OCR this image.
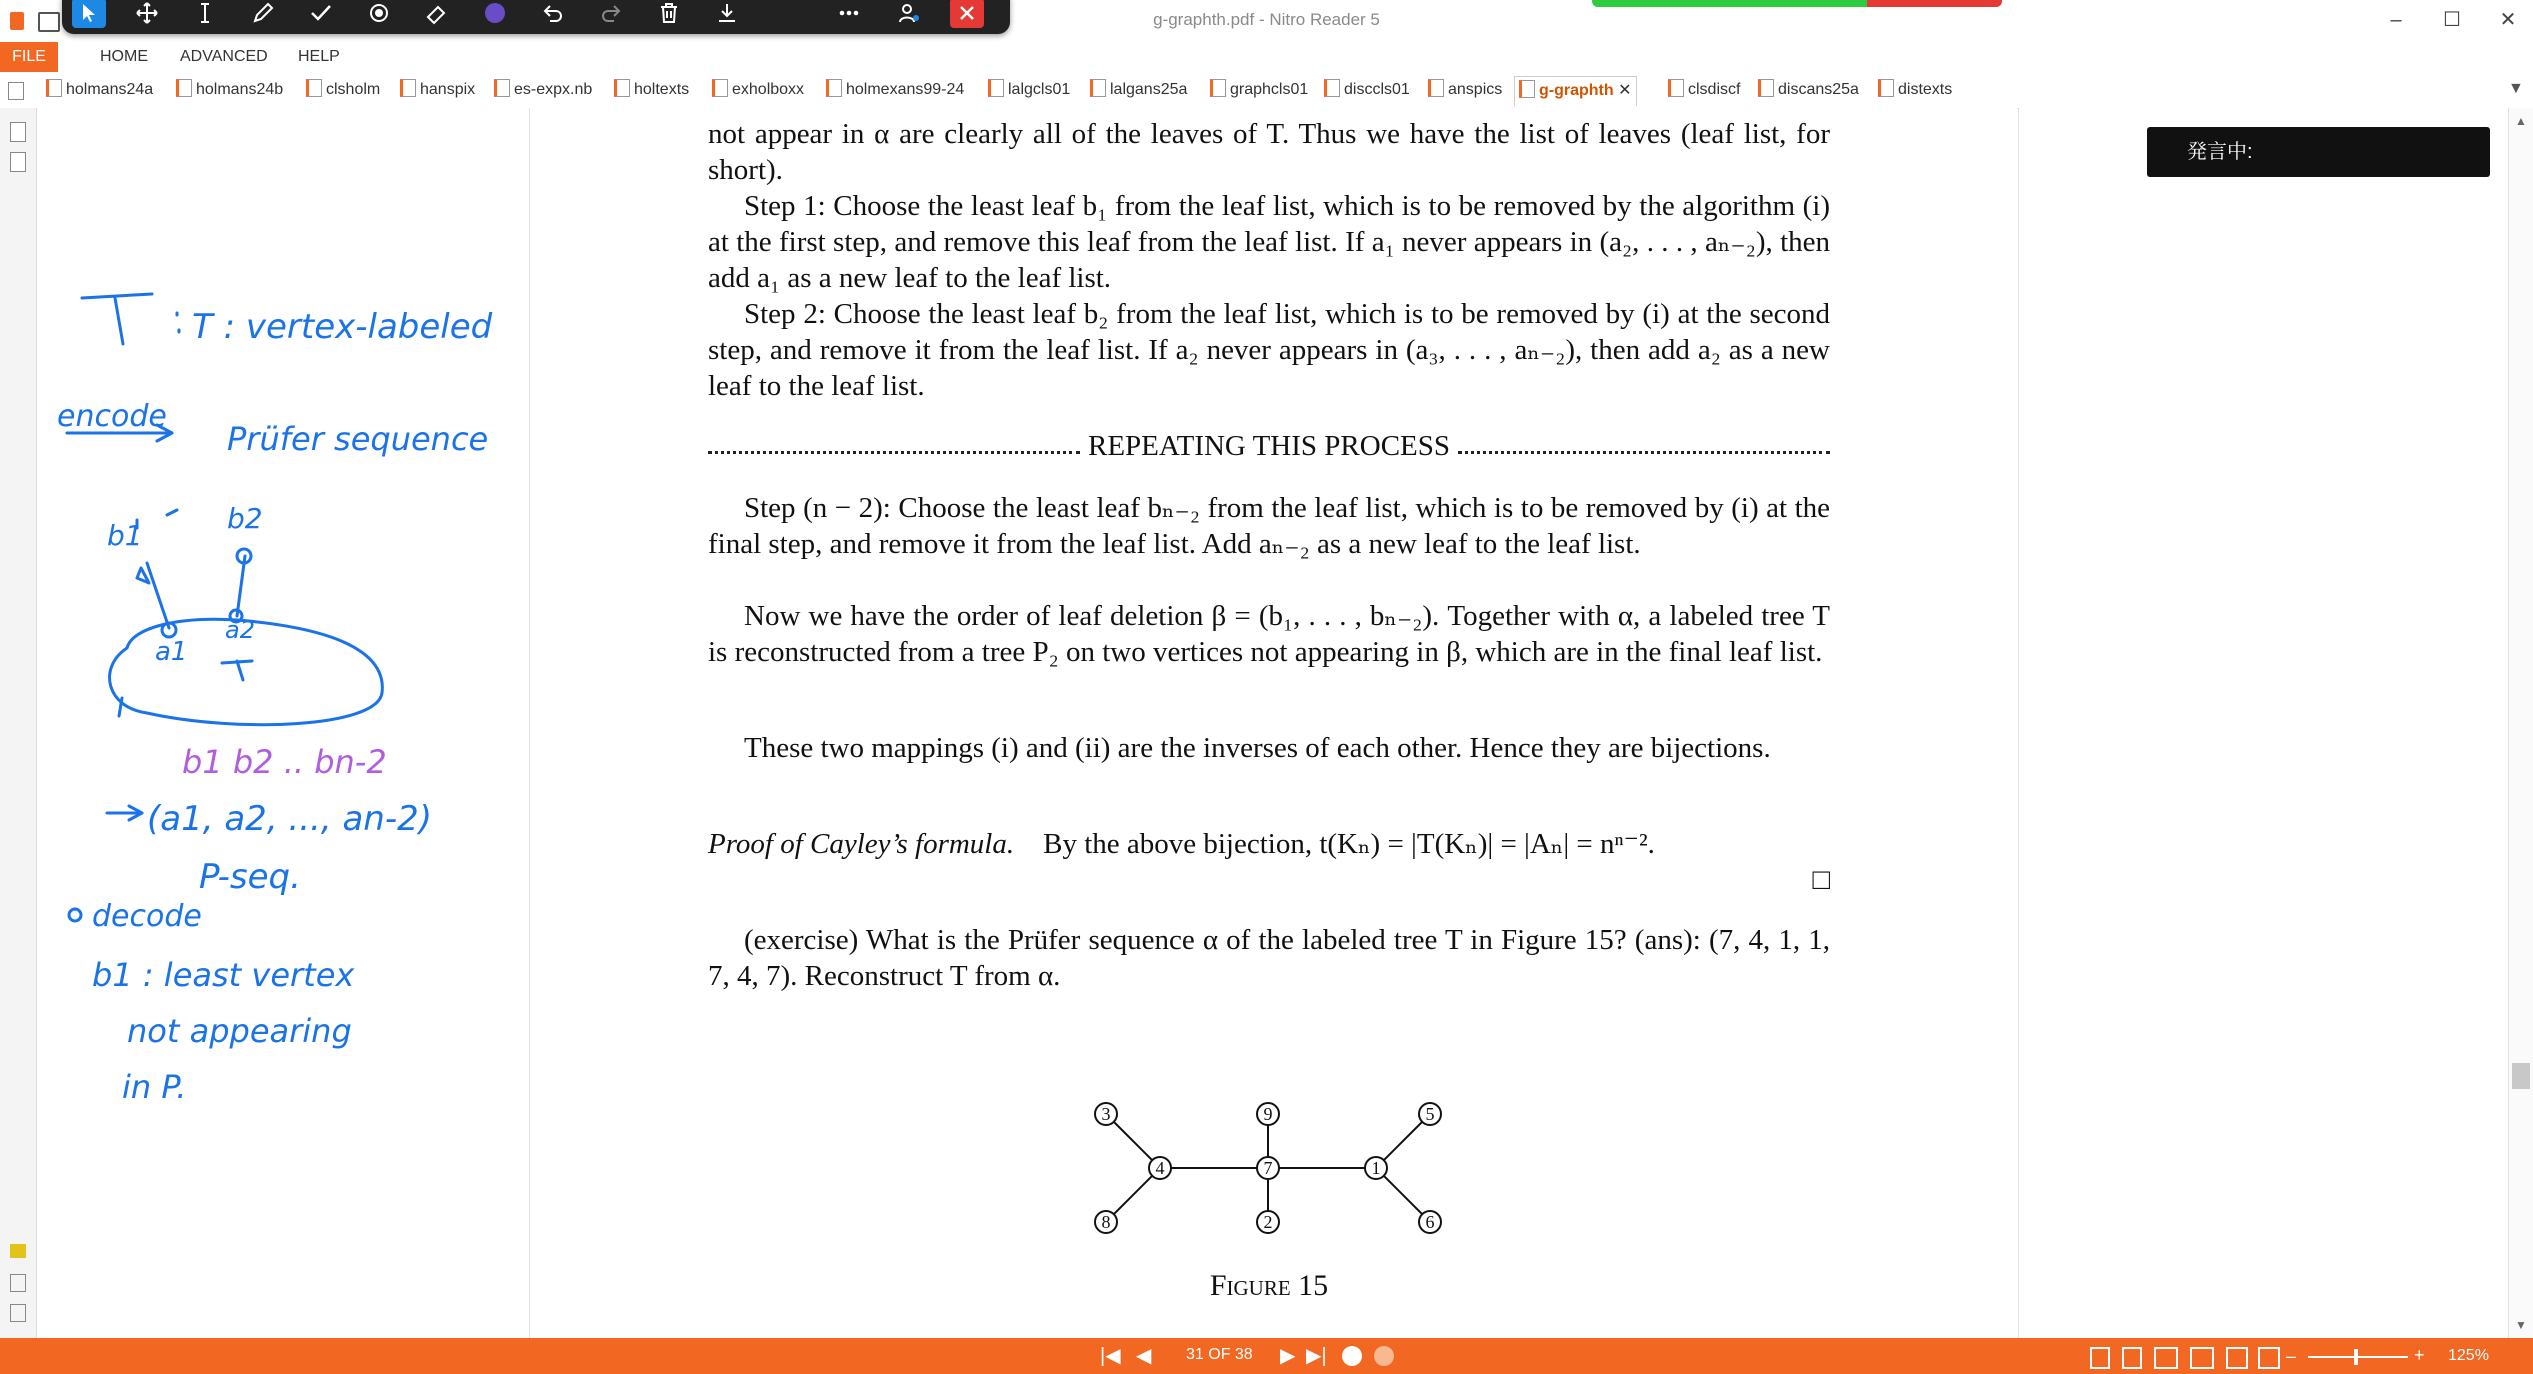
g-graphth.pdf - Nitro Reader 5	–	☐	✕
FILE	HOME	ADVANCED	HELP
holmans24a	holmans24b	clsholm	hanspix	es-expx.nb	holtexts	exholboxx	holmexans99-24	lalgcls01	lalgans25a	graphcls01	disccls01	anspics	g-graphth ✕	clsdiscf	discans25a	distexts	▼
T : vertex-labeled
encode
Prüfer sequence
b1
b2
a1
a2
(a1, a2, ..., an-2)
P-seq.
decode
b1 : least vertex
not appearing
in P.
b1 b2 .. bn-2
not appear in α are clearly all of the leaves of T. Thus we have the list of leaves (leaf list, for short).
Step 1: Choose the least leaf b₁ from the leaf list, which is to be removed by the algorithm (i) at the first step, and remove this leaf from the leaf list. If a₁ never appears in (a₂, . . . , aₙ₋₂), then add a₁ as a new leaf to the leaf list.
Step 2: Choose the least leaf b₂ from the leaf list, which is to be removed by (i) at the second step, and remove it from the leaf list. If a₂ never appears in (a₃, . . . , aₙ₋₂), then add a₂ as a new leaf to the leaf list.
REPEATING THIS PROCESS
Step (n − 2): Choose the least leaf bₙ₋₂ from the leaf list, which is to be removed by (i) at the final step, and remove it from the leaf list. Add aₙ₋₂ as a new leaf to the leaf list.
Now we have the order of leaf deletion β = (b₁, . . . , bₙ₋₂). Together with α, a labeled tree T is reconstructed from a tree P₂ on two vertices not appearing in β, which are in the final leaf list.
These two mappings (i) and (ii) are the inverses of each other. Hence they are bijections.
Proof of Cayley’s formula. By the above bijection, t(Kₙ) = |T(Kₙ)| = |Aₙ| = nⁿ⁻².
□
(exercise) What is the Prüfer sequence α of the labeled tree T in Figure 15? (ans): (7, 4, 1, 1, 7, 4, 7). Reconstruct T from α.
3	9	5
4	7	1
8	2	6
Figure 15
発言中:
▲
▼
|◀ ◀ 31 OF 38 ▶ ▶|	–	+ 125%
